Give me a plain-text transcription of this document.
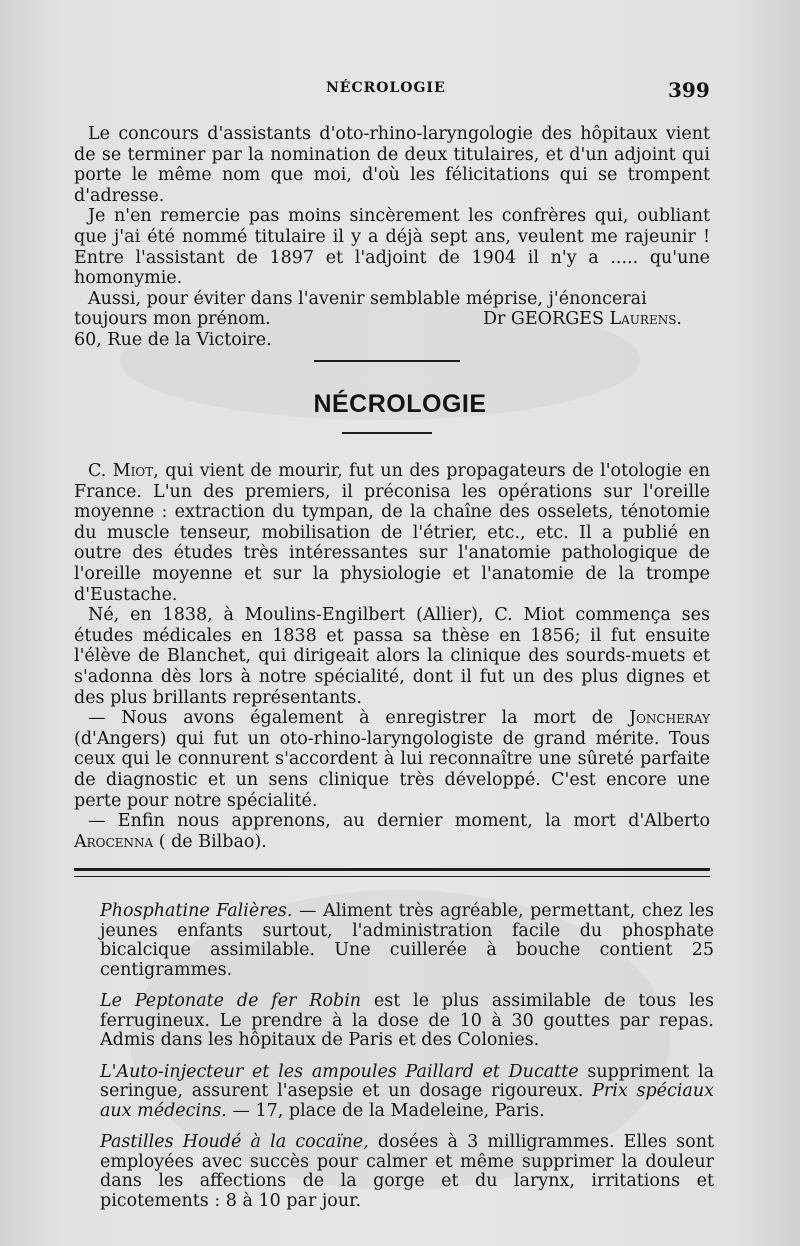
NÉCROLOGIE	399

Le concours d'assistants d'oto-rhino-laryngologie des hôpitaux vient de se terminer par la nomination de deux titulaires, et d'un adjoint qui porte le même nom que moi, d'où les félicitations qui se trompent d'adresse.

Je n'en remercie pas moins sincèrement les confrères qui, oubliant que j'ai été nommé titulaire il y a déjà sept ans, veulent me rajeunir ! Entre l'assistant de 1897 et l'adjoint de 1904 il n'y a ..... qu'une homonymie.

Aussi, pour éviter dans l'avenir semblable méprise, j'énoncerai

toujours mon prénom.	Dr GEORGES Laurens.

60, Rue de la Victoire.

NÉCROLOGIE

C. Miot, qui vient de mourir, fut un des propagateurs de l'otologie en France. L'un des premiers, il préconisa les opérations sur l'oreille moyenne : extraction du tympan, de la chaîne des osselets, ténotomie du muscle tenseur, mobilisation de l'étrier, etc., etc. Il a publié en outre des études très intéressantes sur l'anatomie pathologique de l'oreille moyenne et sur la physiologie et l'anatomie de la trompe d'Eustache.

Né, en 1838, à Moulins-Engilbert (Allier), C. Miot commença ses études médicales en 1838 et passa sa thèse en 1856; il fut ensuite l'élève de Blanchet, qui dirigeait alors la clinique des sourds-muets et s'adonna dès lors à notre spécialité, dont il fut un des plus dignes et des plus brillants représentants.

— Nous avons également à enregistrer la mort de Joncheray (d'Angers) qui fut un oto-rhino-laryngologiste de grand mérite. Tous ceux qui le connurent s'accordent à lui reconnaître une sûreté parfaite de diagnostic et un sens clinique très développé. C'est encore une perte pour notre spécialité.

— Enfin nous apprenons, au dernier moment, la mort d'Alberto Arocenna ( de Bilbao).

Phosphatine Falières. — Aliment très agréable, permettant, chez les jeunes enfants surtout, l'administration facile du phosphate bicalcique assimilable. Une cuillerée à bouche contient 25 centigrammes.

Le Peptonate de fer Robin est le plus assimilable de tous les ferrugineux. Le prendre à la dose de 10 à 30 gouttes par repas. Admis dans les hôpitaux de Paris et des Colonies.

L'Auto-injecteur et les ampoules Paillard et Ducatte suppriment la seringue, assurent l'asepsie et un dosage rigoureux. Prix spéciaux aux médecins. — 17, place de la Madeleine, Paris.

Pastilles Houdé à la cocaïne, dosées à 3 milligrammes. Elles sont employées avec succès pour calmer et même supprimer la douleur dans les affections de la gorge et du larynx, irritations et picotements : 8 à 10 par jour.
